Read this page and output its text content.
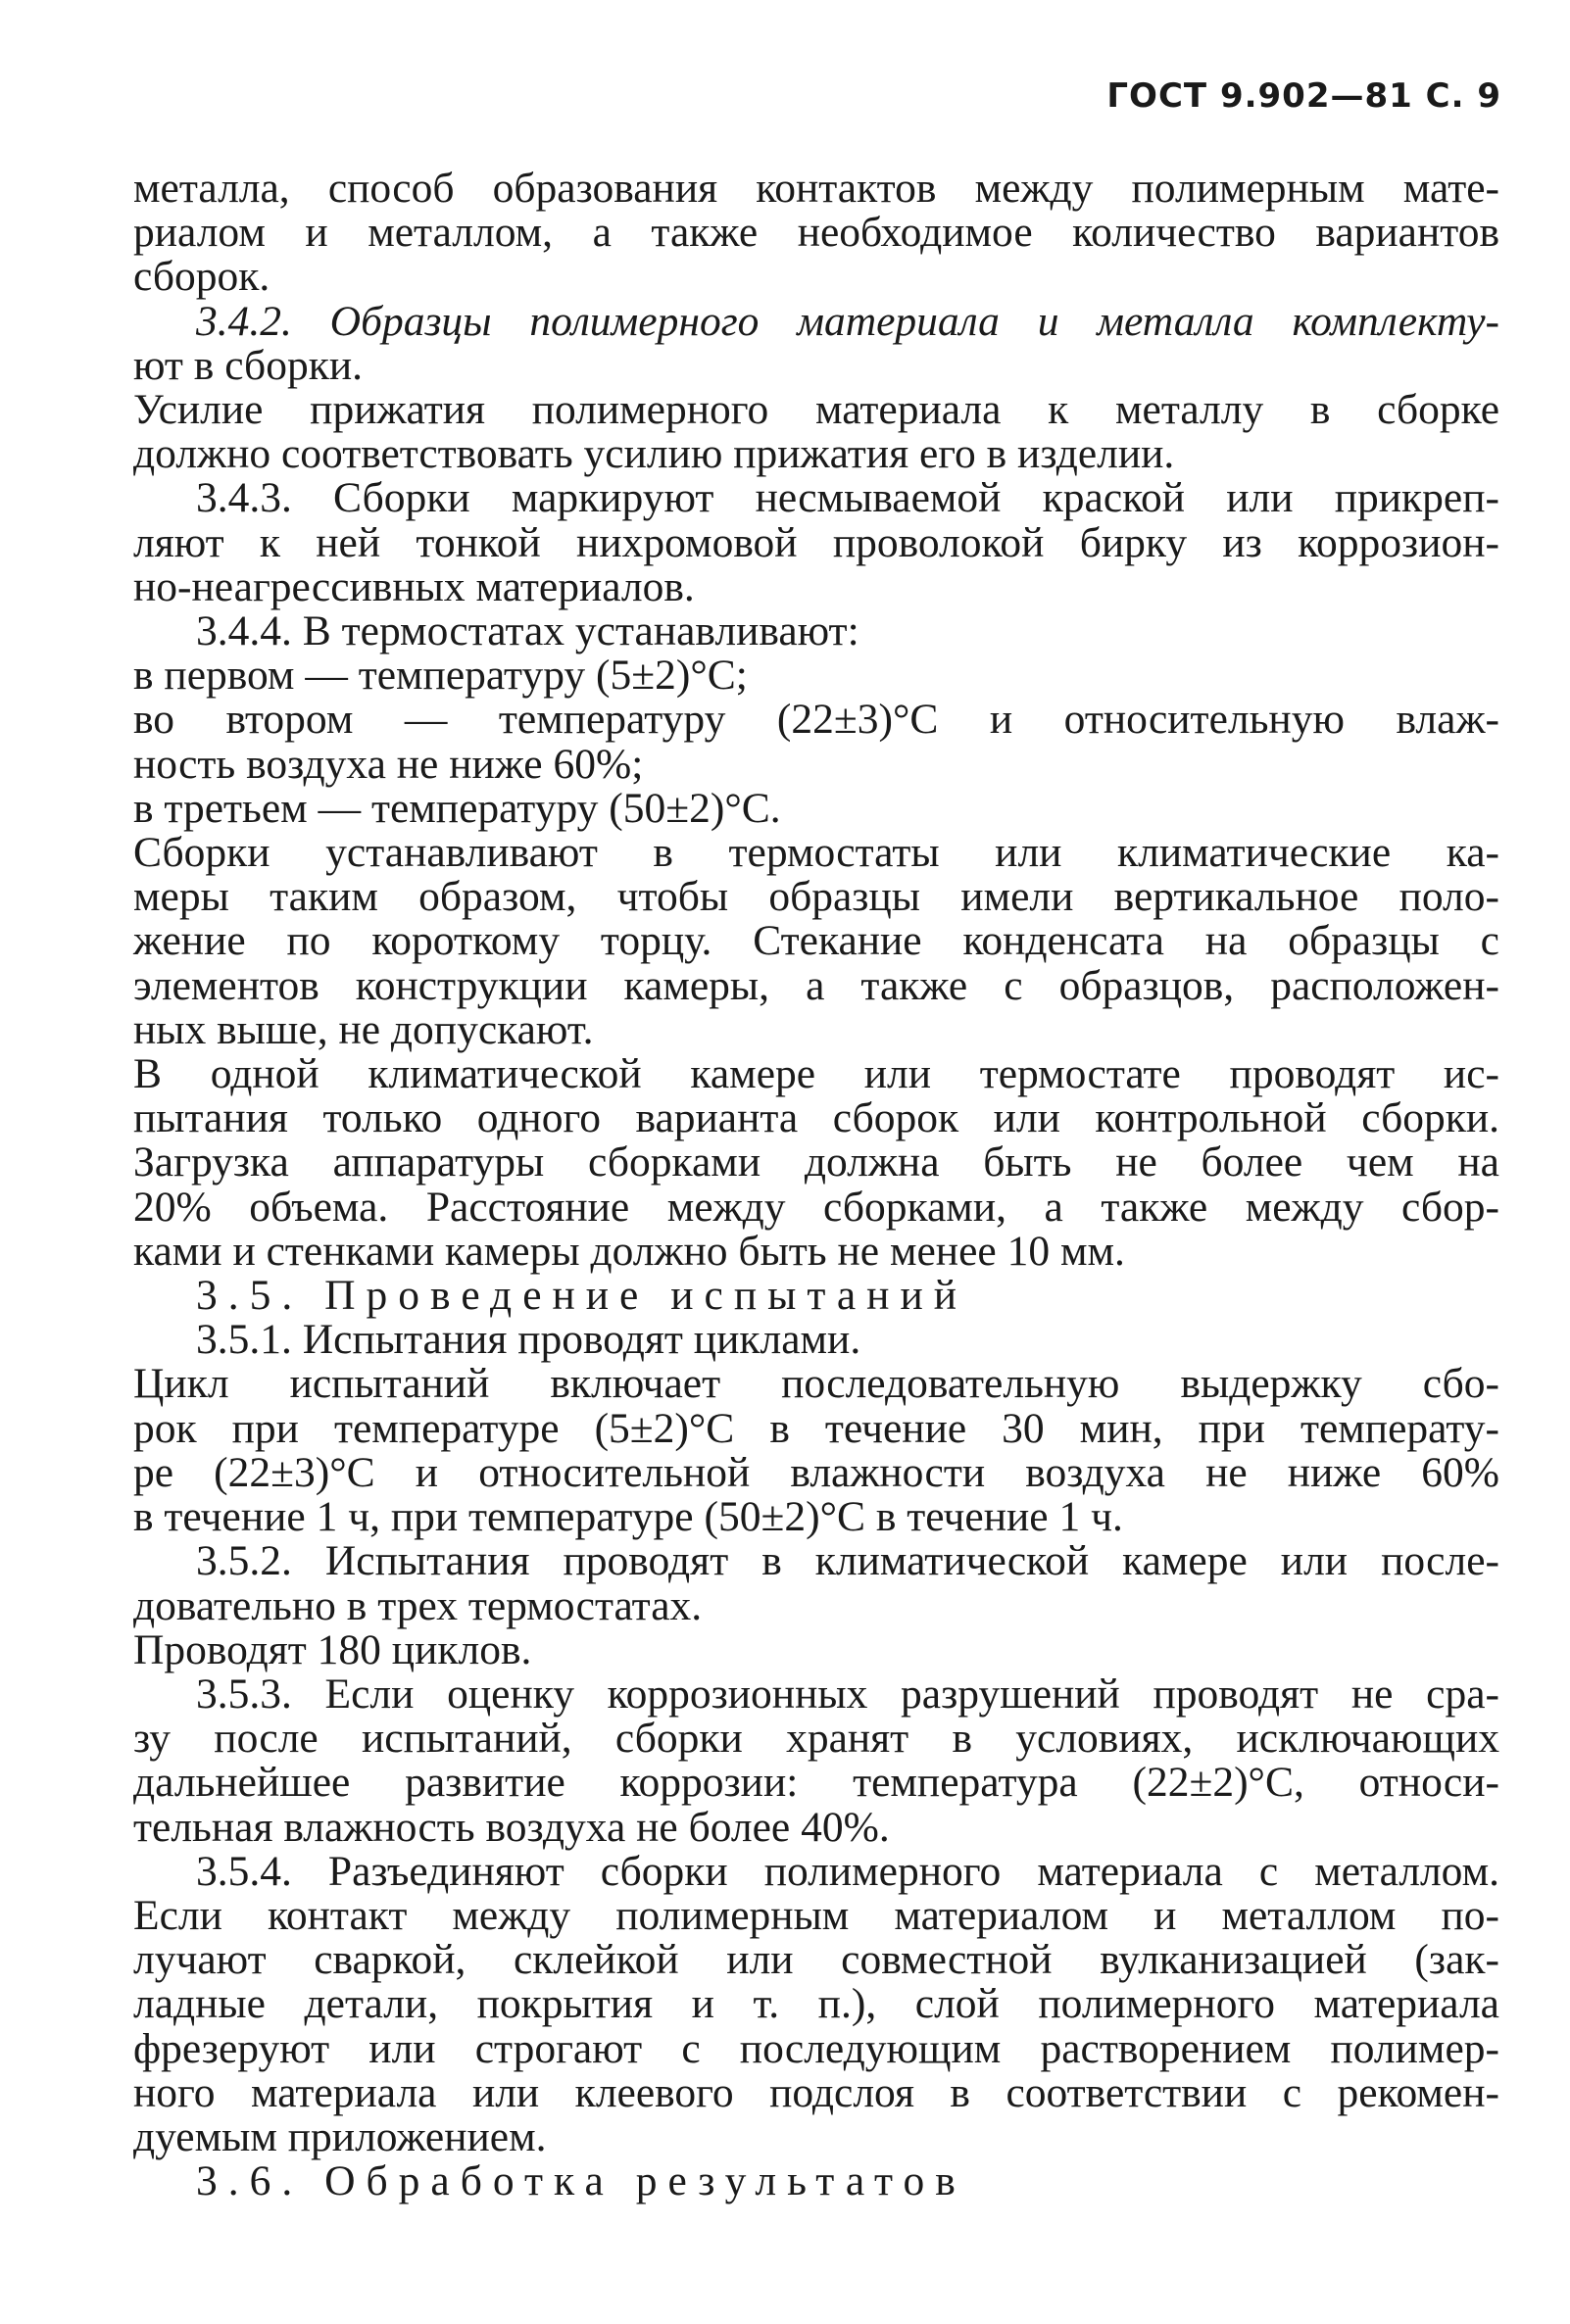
ГОСТ 9.902—81 С. 9
металла, способ образования контактов между полимерным мате-
риалом и металлом, а также необходимое количество вариантов
сборок.
3.4.2. Образцы полимерного материала и металла комплекту-
ют в сборки.
Усилие прижатия полимерного материала к металлу в сборке
должно соответствовать усилию прижатия его в изделии.
3.4.3. Сборки маркируют несмываемой краской или прикреп-
ляют к ней тонкой нихромовой проволокой бирку из коррозион-
но-неагрессивных материалов.
3.4.4. В термостатах устанавливают:
в первом — температуру (5±2)°С;
во втором — температуру (22±3)°С и относительную влаж-
ность воздуха не ниже 60%;
в третьем — температуру (50±2)°С.
Сборки устанавливают в термостаты или климатические ка-
меры таким образом, чтобы образцы имели вертикальное поло-
жение по короткому торцу. Стекание конденсата на образцы с
элементов конструкции камеры, а также с образцов, расположен-
ных выше, не допускают.
В одной климатической камере или термостате проводят ис-
пытания только одного варианта сборок или контрольной сборки.
Загрузка аппаратуры сборками должна быть не более чем на
20% объема. Расстояние между сборками, а также между сбор-
ками и стенками камеры должно быть не менее 10 мм.
3.5. Проведение испытаний
3.5.1. Испытания проводят циклами.
Цикл испытаний включает последовательную выдержку сбо-
рок при температуре (5±2)°С в течение 30 мин, при температу-
ре (22±3)°С и относительной влажности воздуха не ниже 60%
в течение 1 ч, при температуре (50±2)°С в течение 1 ч.
3.5.2. Испытания проводят в климатической камере или после-
довательно в трех термостатах.
Проводят 180 циклов.
3.5.3. Если оценку коррозионных разрушений проводят не сра-
зу после испытаний, сборки хранят в условиях, исключающих
дальнейшее развитие коррозии: температура (22±2)°С, относи-
тельная влажность воздуха не более 40%.
3.5.4. Разъединяют сборки полимерного материала с металлом.
Если контакт между полимерным материалом и металлом по-
лучают сваркой, склейкой или совместной вулканизацией (зак-
ладные детали, покрытия и т. п.), слой полимерного материала
фрезеруют или строгают с последующим растворением полимер-
ного материала или клеевого подслоя в соответствии с рекомен-
дуемым приложением.
3.6. Обработка результатов
